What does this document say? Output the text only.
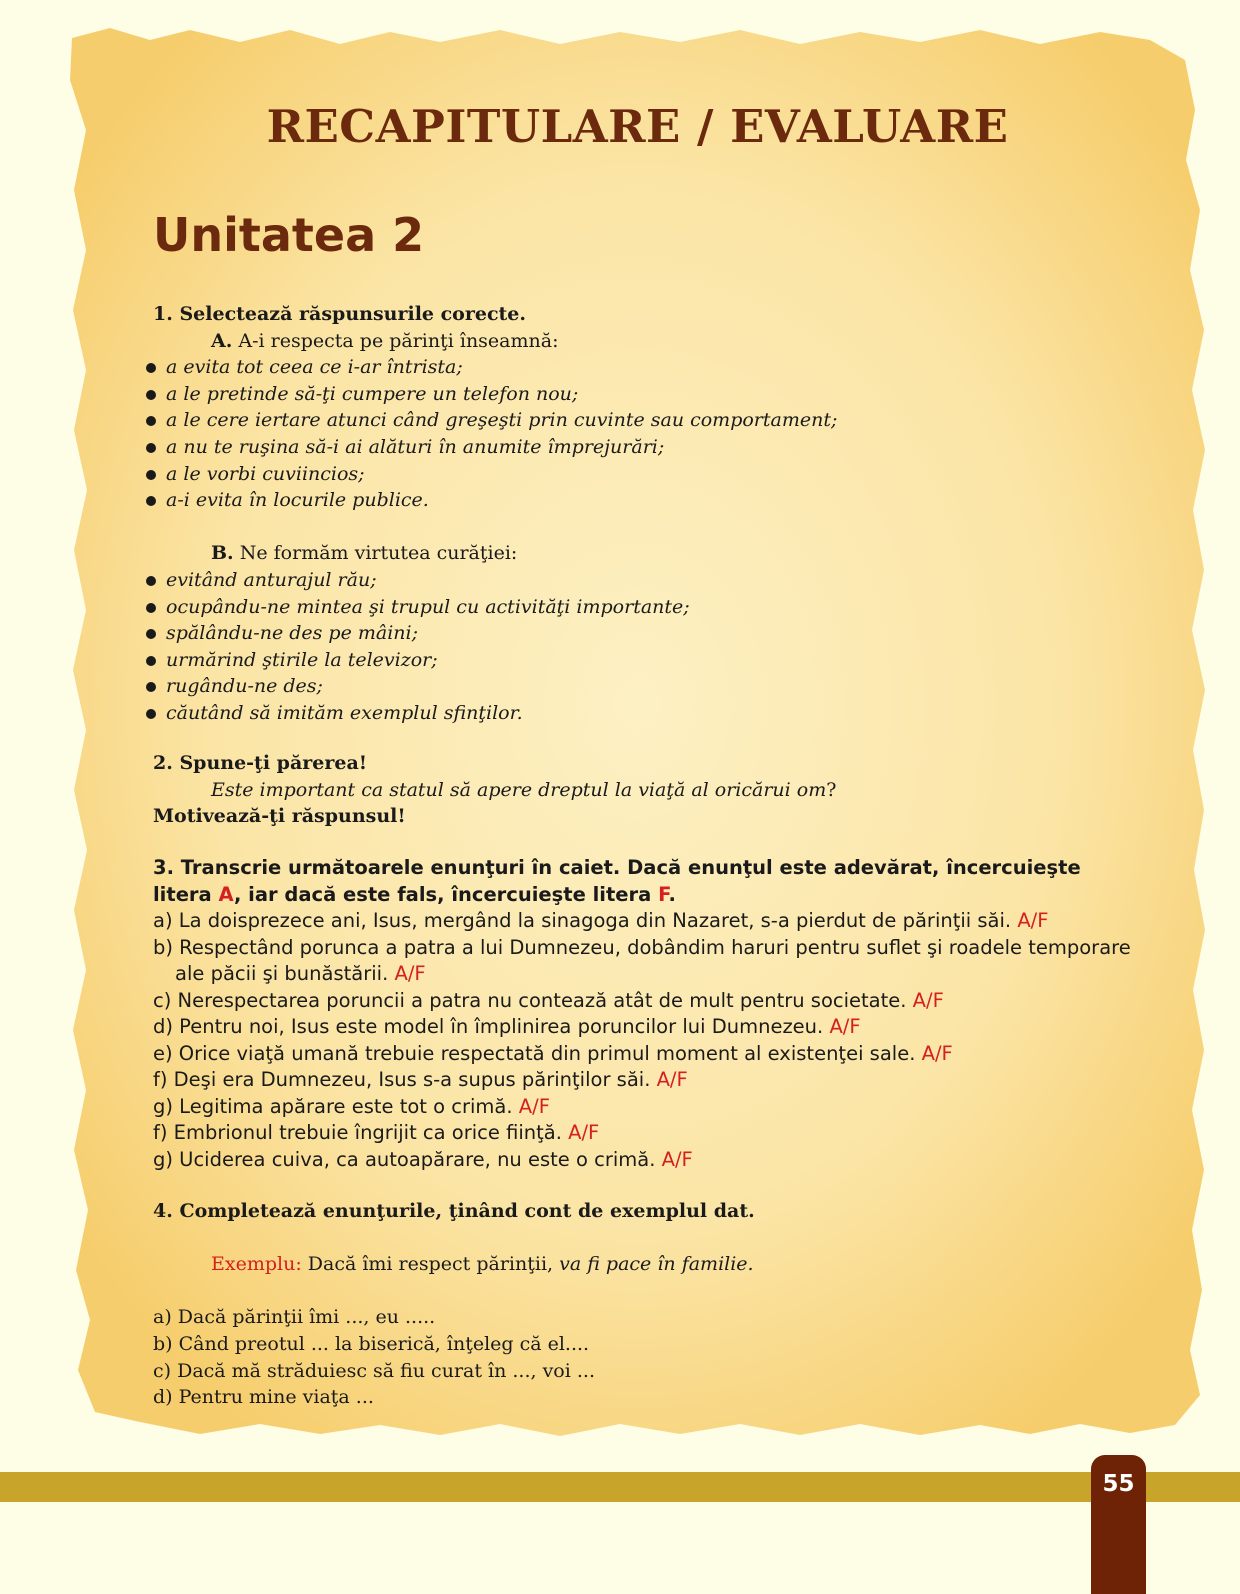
RECAPITULARE / EVALUARE
Unitatea 2
1. Selectează răspunsurile corecte.
A. A-i respecta pe părinţi înseamnă:
a evita tot ceea ce i-ar întrista;
a le pretinde să-ţi cumpere un telefon nou;
a le cere iertare atunci când greşeşti prin cuvinte sau comportament;
a nu te ruşina să-i ai alături în anumite împrejurări;
a le vorbi cuviincios;
a-i evita în locurile publice.
B. Ne formăm virtutea curăţiei:
evitând anturajul rău;
ocupându-ne mintea şi trupul cu activităţi importante;
spălându-ne des pe mâini;
urmărind ştirile la televizor;
rugându-ne des;
căutând să imităm exemplul sfinţilor.
2. Spune-ţi părerea!
Este important ca statul să apere dreptul la viaţă al oricărui om?
Motivează-ţi răspunsul!
3. Transcrie următoarele enunţuri în caiet. Dacă enunţul este adevărat, încercuieşte litera A, iar dacă este fals, încercuieşte litera F.
a) La doisprezece ani, Isus, mergând la sinagoga din Nazaret, s-a pierdut de părinţii săi. A/F
b) Respectând porunca a patra a lui Dumnezeu, dobândim haruri pentru suflet şi roadele temporare ale păcii şi bunăstării. A/F
c) Nerespectarea poruncii a patra nu contează atât de mult pentru societate. A/F
d) Pentru noi, Isus este model în împlinirea poruncilor lui Dumnezeu. A/F
e) Orice viaţă umană trebuie respectată din primul moment al existenţei sale. A/F
f) Deşi era Dumnezeu, Isus s-a supus părinţilor săi. A/F
g) Legitima apărare este tot o crimă. A/F
f) Embrionul trebuie îngrijit ca orice fiinţă. A/F
g) Uciderea cuiva, ca autoapărare, nu este o crimă. A/F
4. Completează enunţurile, ţinând cont de exemplul dat.
Exemplu: Dacă îmi respect părinţii, va fi pace în familie.
a) Dacă părinţii îmi ..., eu .....
b) Când preotul ... la biserică, înţeleg că el....
c) Dacă mă străduiesc să fiu curat în ..., voi ...
d) Pentru mine viaţa ...
55
